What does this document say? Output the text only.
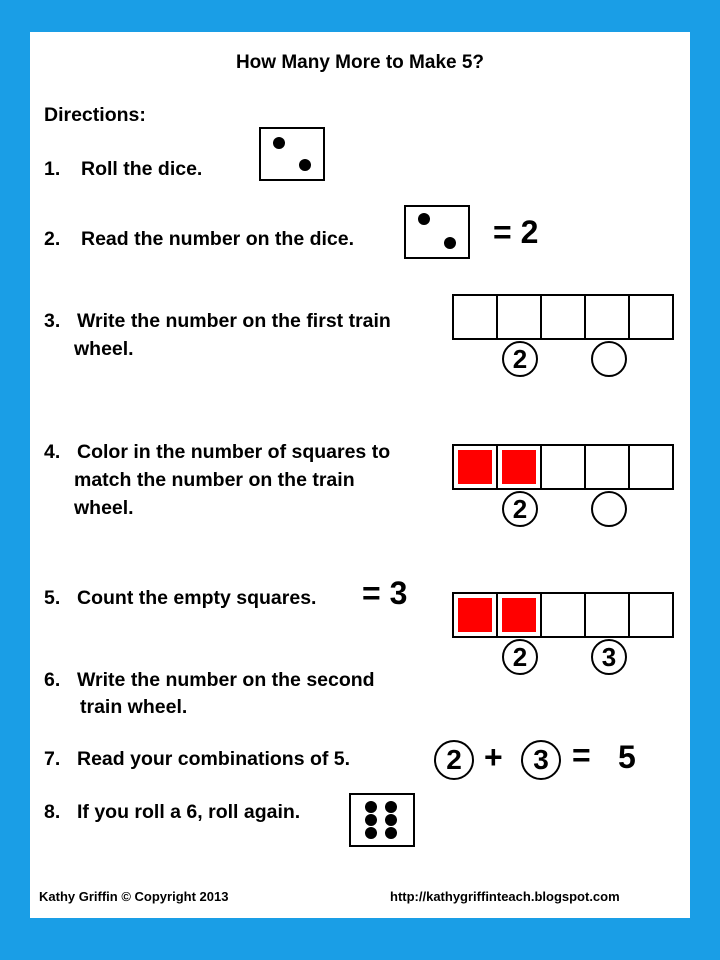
How Many More to Make 5?
Directions:
1. Roll the dice.
2. Read the number on the dice.	= 2
3. Write the number on the first train
wheel.	2
4. Color in the number of squares to
match the number on the train
wheel.	2
5. Count the empty squares. = 3
2	3
6. Write the number on the second
train wheel.
7. Read your combinations of 5.	2 +	3 = 5
8. If you roll a 6, roll again.
Kathy Griffin © Copyright 2013	http://kathygriffinteach.blogspot.com
